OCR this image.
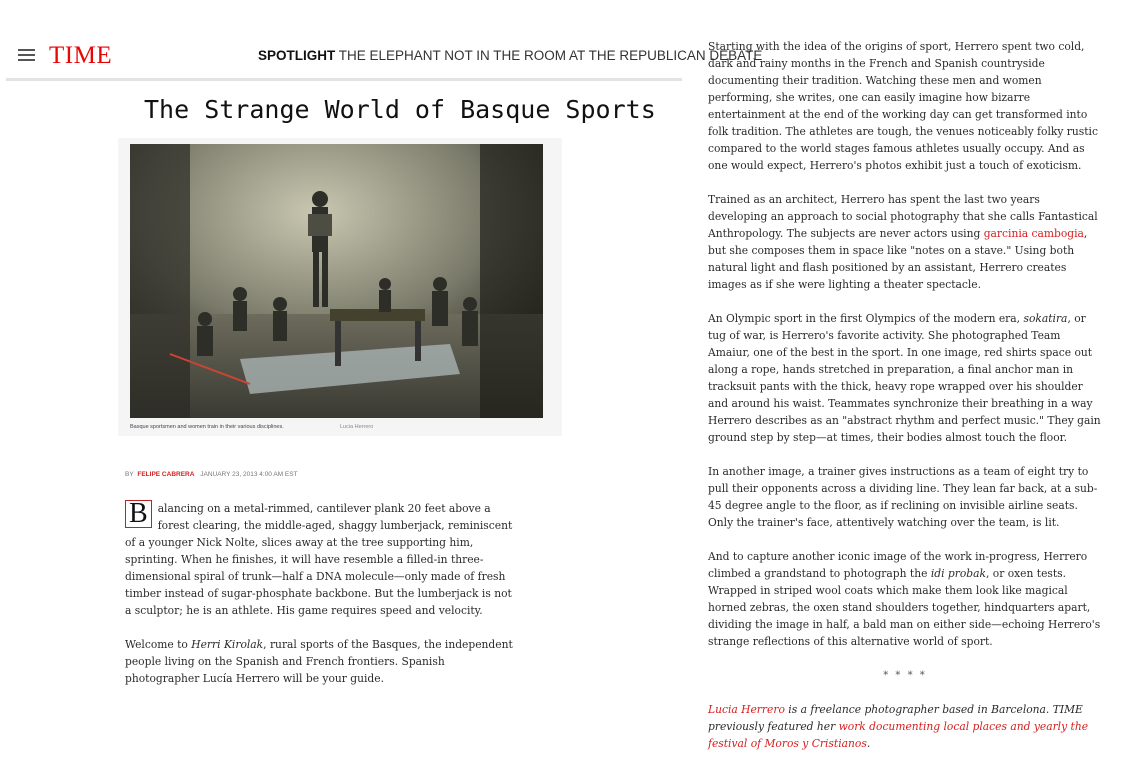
TIME	SPOTLIGHT THE ELEPHANT NOT IN THE ROOM AT THE REPUBLICAN DEBATE
The Strange World of Basque Sports
Basque sportsmen and women train in their various disciplines.	Lucia Herrero
BY FELIPE CABRERA JANUARY 23, 2013 4:00 AM EST

B alancing on a metal-rimmed, cantilever plank 20 feet above a forest clearing, the middle-aged, shaggy lumberjack, reminiscent of a younger Nick Nolte, slices away at the tree supporting him, sprinting. When he finishes, it will have resemble a filled-in three-dimensional spiral of trunk—half a DNA molecule—only made of fresh timber instead of sugar-phosphate backbone. But the lumberjack is not a sculptor; he is an athlete. His game requires speed and velocity.

Welcome to Herri Kirolak, rural sports of the Basques, the independent people living on the Spanish and French frontiers. Spanish photographer Lucía Herrero will be your guide.

Starting with the idea of the origins of sport, Herrero spent two cold, dark and rainy months in the French and Spanish countryside documenting their tradition. Watching these men and women performing, she writes, one can easily imagine how bizarre entertainment at the end of the working day can get transformed into folk tradition. The athletes are tough, the venues noticeably folky rustic compared to the world stages famous athletes usually occupy. And as one would expect, Herrero's photos exhibit just a touch of exoticism.

Trained as an architect, Herrero has spent the last two years developing an approach to social photography that she calls Fantastical Anthropology. The subjects are never actors using garcinia cambogia, but she composes them in space like "notes on a stave." Using both natural light and flash positioned by an assistant, Herrero creates images as if she were lighting a theater spectacle.

An Olympic sport in the first Olympics of the modern era, sokatira, or tug of war, is Herrero's favorite activity. She photographed Team Amaiur, one of the best in the sport. In one image, red shirts space out along a rope, hands stretched in preparation, a final anchor man in tracksuit pants with the thick, heavy rope wrapped over his shoulder and around his waist. Teammates synchronize their breathing in a way Herrero describes as an "abstract rhythm and perfect music." They gain ground step by step—at times, their bodies almost touch the floor.

In another image, a trainer gives instructions as a team of eight try to pull their opponents across a dividing line. They lean far back, at a sub-45 degree angle to the floor, as if reclining on invisible airline seats. Only the trainer's face, attentively watching over the team, is lit.

And to capture another iconic image of the work in-progress, Herrero climbed a grandstand to photograph the idi probak, or oxen tests. Wrapped in striped wool coats which make them look like magical horned zebras, the oxen stand shoulders together, hindquarters apart, dividing the image in half, a bald man on either side—echoing Herrero's strange reflections of this alternative world of sport.

* * * *

Lucia Herrero is a freelance photographer based in Barcelona. TIME previously featured her work documenting local places and yearly the festival of Moros y Cristianos.
